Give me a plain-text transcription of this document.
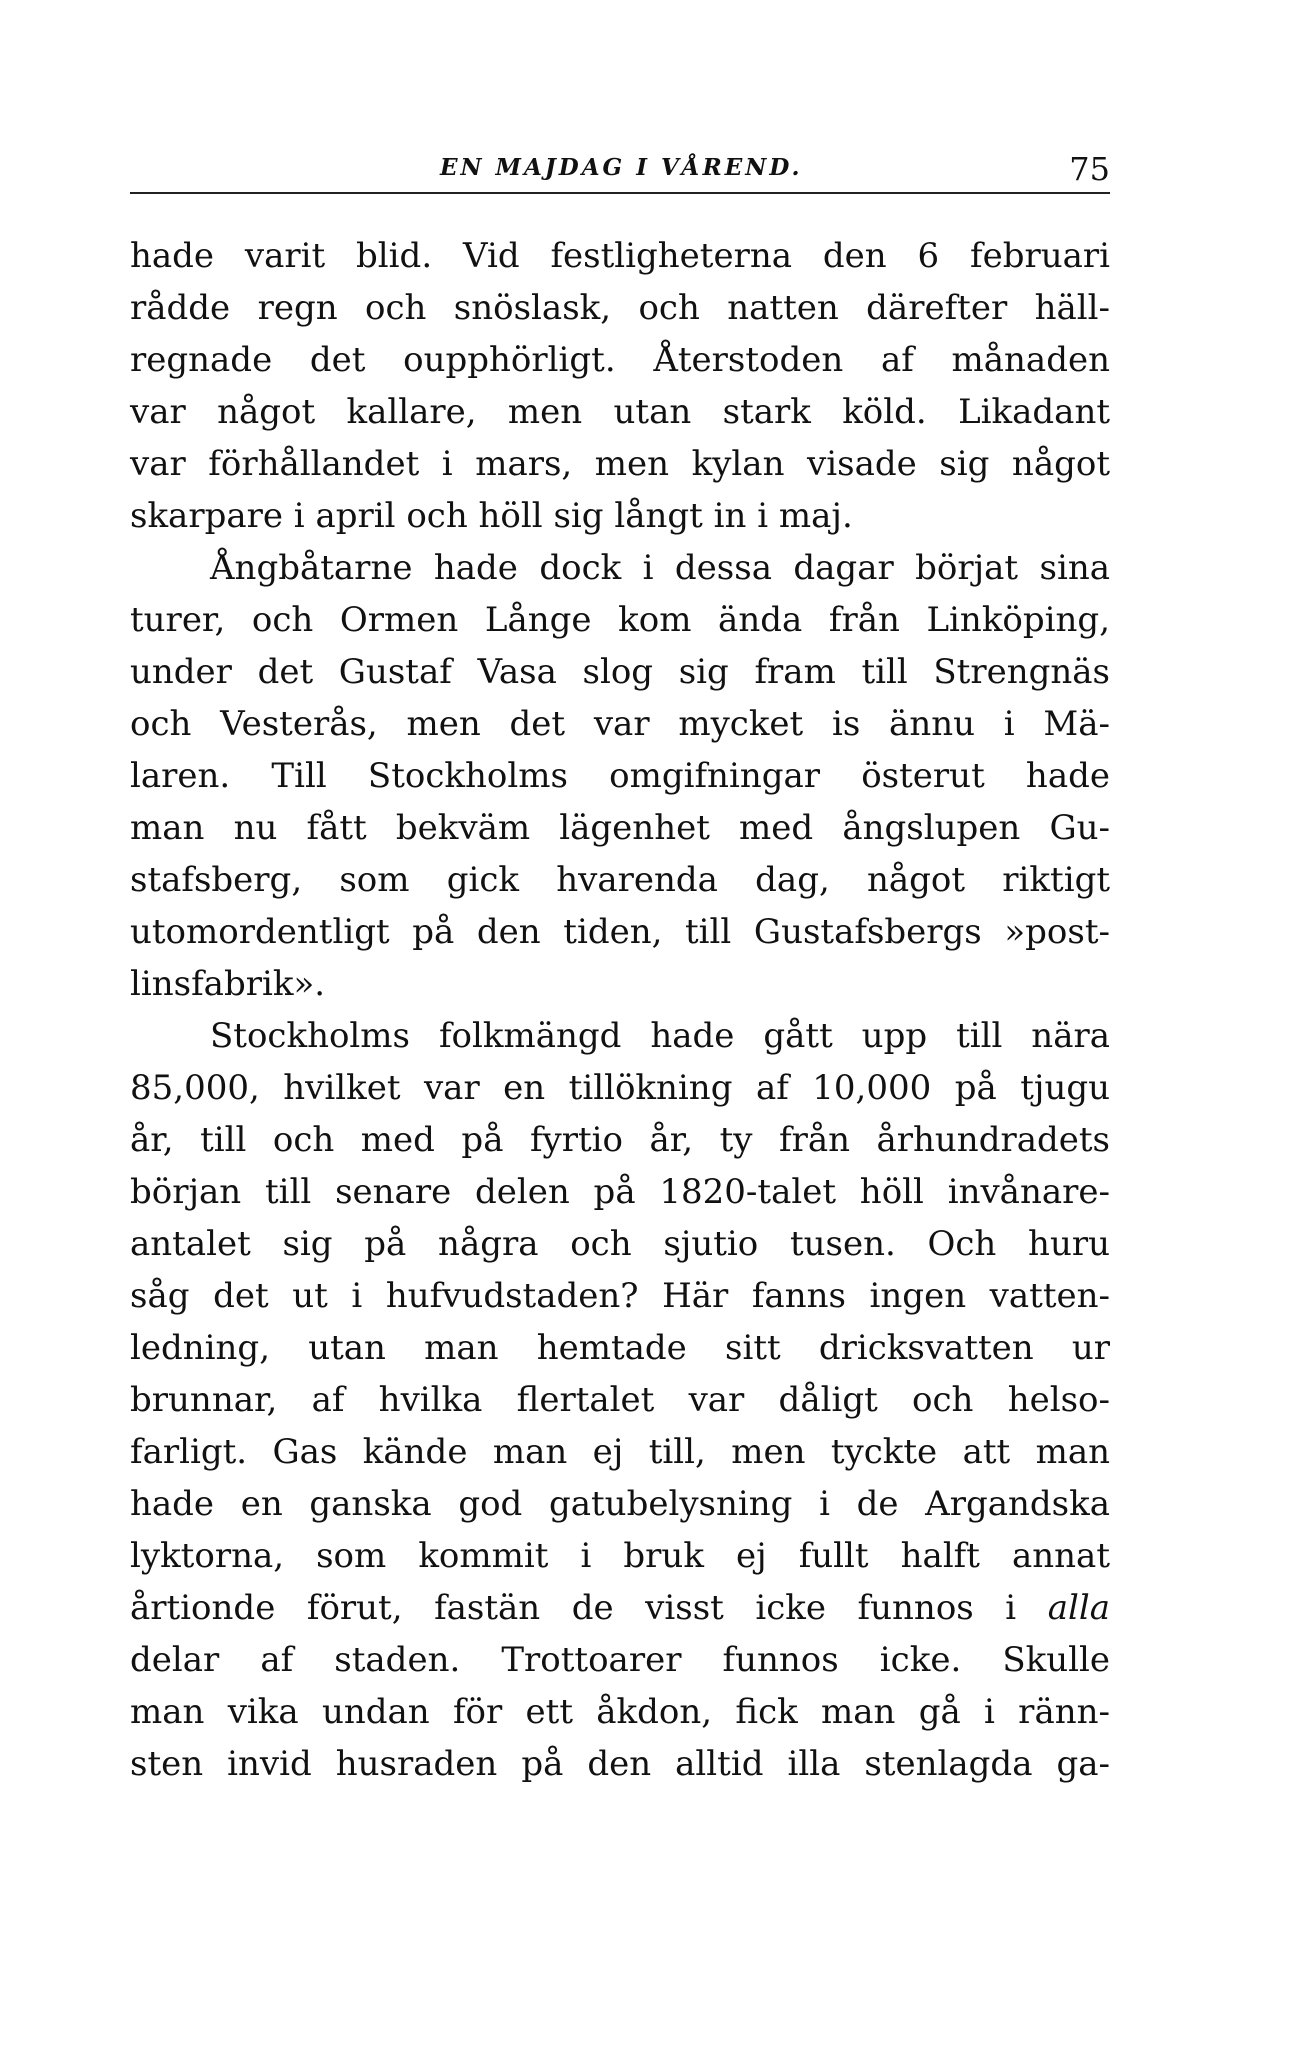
EN MAJDAG I VÅREND.	75
hade varit blid. Vid festligheterna den 6 februari
rådde regn och snöslask, och natten därefter häll-
regnade det oupphörligt. Återstoden af månaden
var något kallare, men utan stark köld. Likadant
var förhållandet i mars, men kylan visade sig något
skarpare i april och höll sig långt in i maj.
Ångbåtarne hade dock i dessa dagar börjat sina
turer, och Ormen Långe kom ända från Linköping,
under det Gustaf Vasa slog sig fram till Strengnäs
och Vesterås, men det var mycket is ännu i Mä-
laren. Till Stockholms omgifningar österut hade
man nu fått bekväm lägenhet med ångslupen Gu-
stafsberg, som gick hvarenda dag, något riktigt
utomordentligt på den tiden, till Gustafsbergs »post-
linsfabrik».
Stockholms folkmängd hade gått upp till nära
85,000, hvilket var en tillökning af 10,000 på tjugu
år, till och med på fyrtio år, ty från århundradets
början till senare delen på 1820-talet höll invånare-
antalet sig på några och sjutio tusen. Och huru
såg det ut i hufvudstaden? Här fanns ingen vatten-
ledning, utan man hemtade sitt dricksvatten ur
brunnar, af hvilka flertalet var dåligt och helso-
farligt. Gas kände man ej till, men tyckte att man
hade en ganska god gatubelysning i de Argandska
lyktorna, som kommit i bruk ej fullt halft annat
årtionde förut, fastän de visst icke funnos i alla
delar af staden. Trottoarer funnos icke. Skulle
man vika undan för ett åkdon, fick man gå i ränn-
sten invid husraden på den alltid illa stenlagda ga-
